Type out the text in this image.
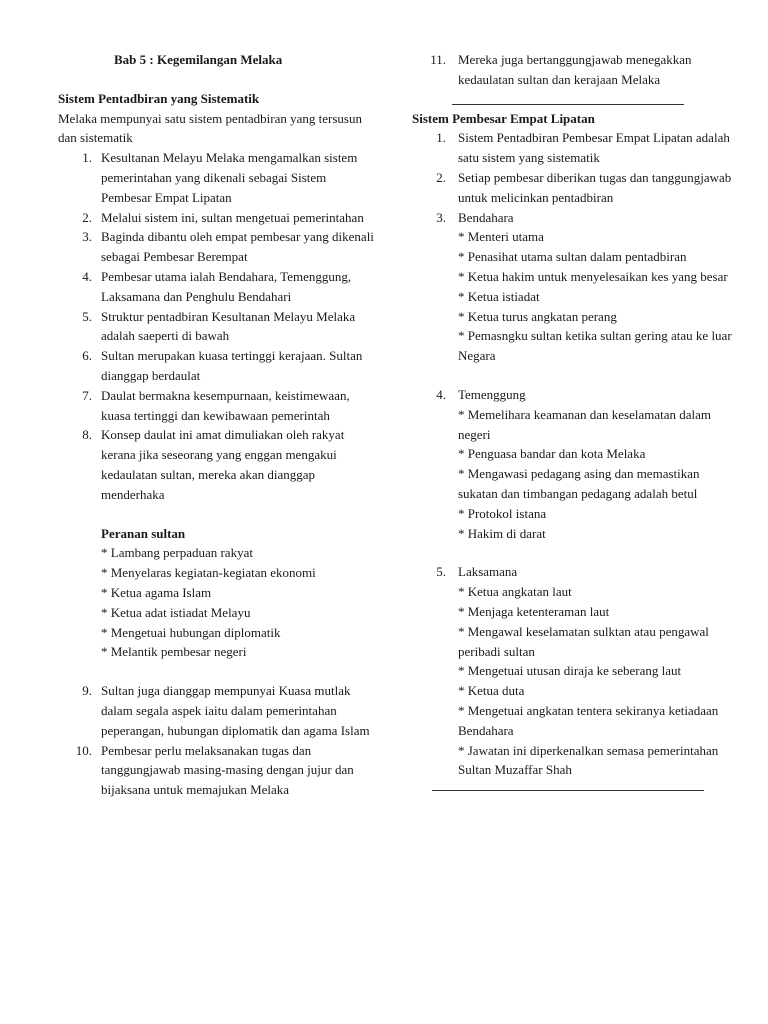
Bab 5 : Kegemilangan Melaka
Sistem Pentadbiran yang Sistematik

Melaka mempunyai satu sistem pentadbiran yang tersusun dan sistematik

1. Kesultanan Melayu Melaka mengamalkan sistem pemerintahan yang dikenali sebagai Sistem Pembesar Empat Lipatan
2. Melalui sistem ini, sultan mengetuai pemerintahan
3. Baginda dibantu oleh empat pembesar yang dikenali sebagai Pembesar Berempat
4. Pembesar utama ialah Bendahara, Temenggung, Laksamana dan Penghulu Bendahari
5. Struktur pentadbiran Kesultanan Melayu Melaka adalah saeperti di bawah
6. Sultan merupakan kuasa tertinggi kerajaan. Sultan dianggap berdaulat
7. Daulat bermakna kesempurnaan, keistimewaan, kuasa tertinggi dan kewibawaan pemerintah
8. Konsep daulat ini amat dimuliakan oleh rakyat kerana jika seseorang yang enggan mengakui kedaulatan sultan, mereka akan dianggap menderhaka
Peranan sultan
* Lambang perpaduan rakyat
* Menyelaras kegiatan-kegiatan ekonomi
* Ketua agama Islam
* Ketua adat istiadat Melayu
* Mengetuai hubungan diplomatik
* Melantik pembesar negeri
9. Sultan juga dianggap mempunyai Kuasa mutlak dalam segala aspek iaitu dalam pemerintahan peperangan, hubungan diplomatik dan agama Islam
10. Pembesar perlu melaksanakan tugas dan tanggungjawab masing-masing dengan jujur dan
bijaksana untuk memajukan Melaka
11. Mereka juga bertanggungjawab menegakkan kedaulatan sultan dan kerajaan Melaka
Sistem Pembesar Empat Lipatan
1. Sistem Pentadbiran Pembesar Empat Lipatan adalah satu sistem yang sistematik
2. Setiap pembesar diberikan tugas dan tanggungjawab untuk melicinkan pentadbiran
3. Bendahara
* Menteri utama
* Penasihat utama sultan dalam pentadbiran
* Ketua hakim untuk menyelesaikan kes yang besar
* Ketua istiadat
* Ketua turus angkatan perang
* Pemasngku sultan ketika sultan gering atau ke luar Negara
4. Temenggung
* Memelihara keamanan dan keselamatan dalam negeri
* Penguasa bandar dan kota Melaka
* Mengawasi pedagang asing dan memastikan sukatan dan timbangan pedagang adalah betul
* Protokol istana
* Hakim di darat
5. Laksamana
* Ketua angkatan laut
* Menjaga ketenteraman laut
* Mengawal keselamatan sulktan atau pengawal peribadi sultan
* Mengetuai utusan diraja ke seberang laut
* Ketua duta
* Mengetuai angkatan tentera sekiranya ketiadaan Bendahara
* Jawatan ini diperkenalkan semasa pemerintahan Sultan Muzaffar Shah
